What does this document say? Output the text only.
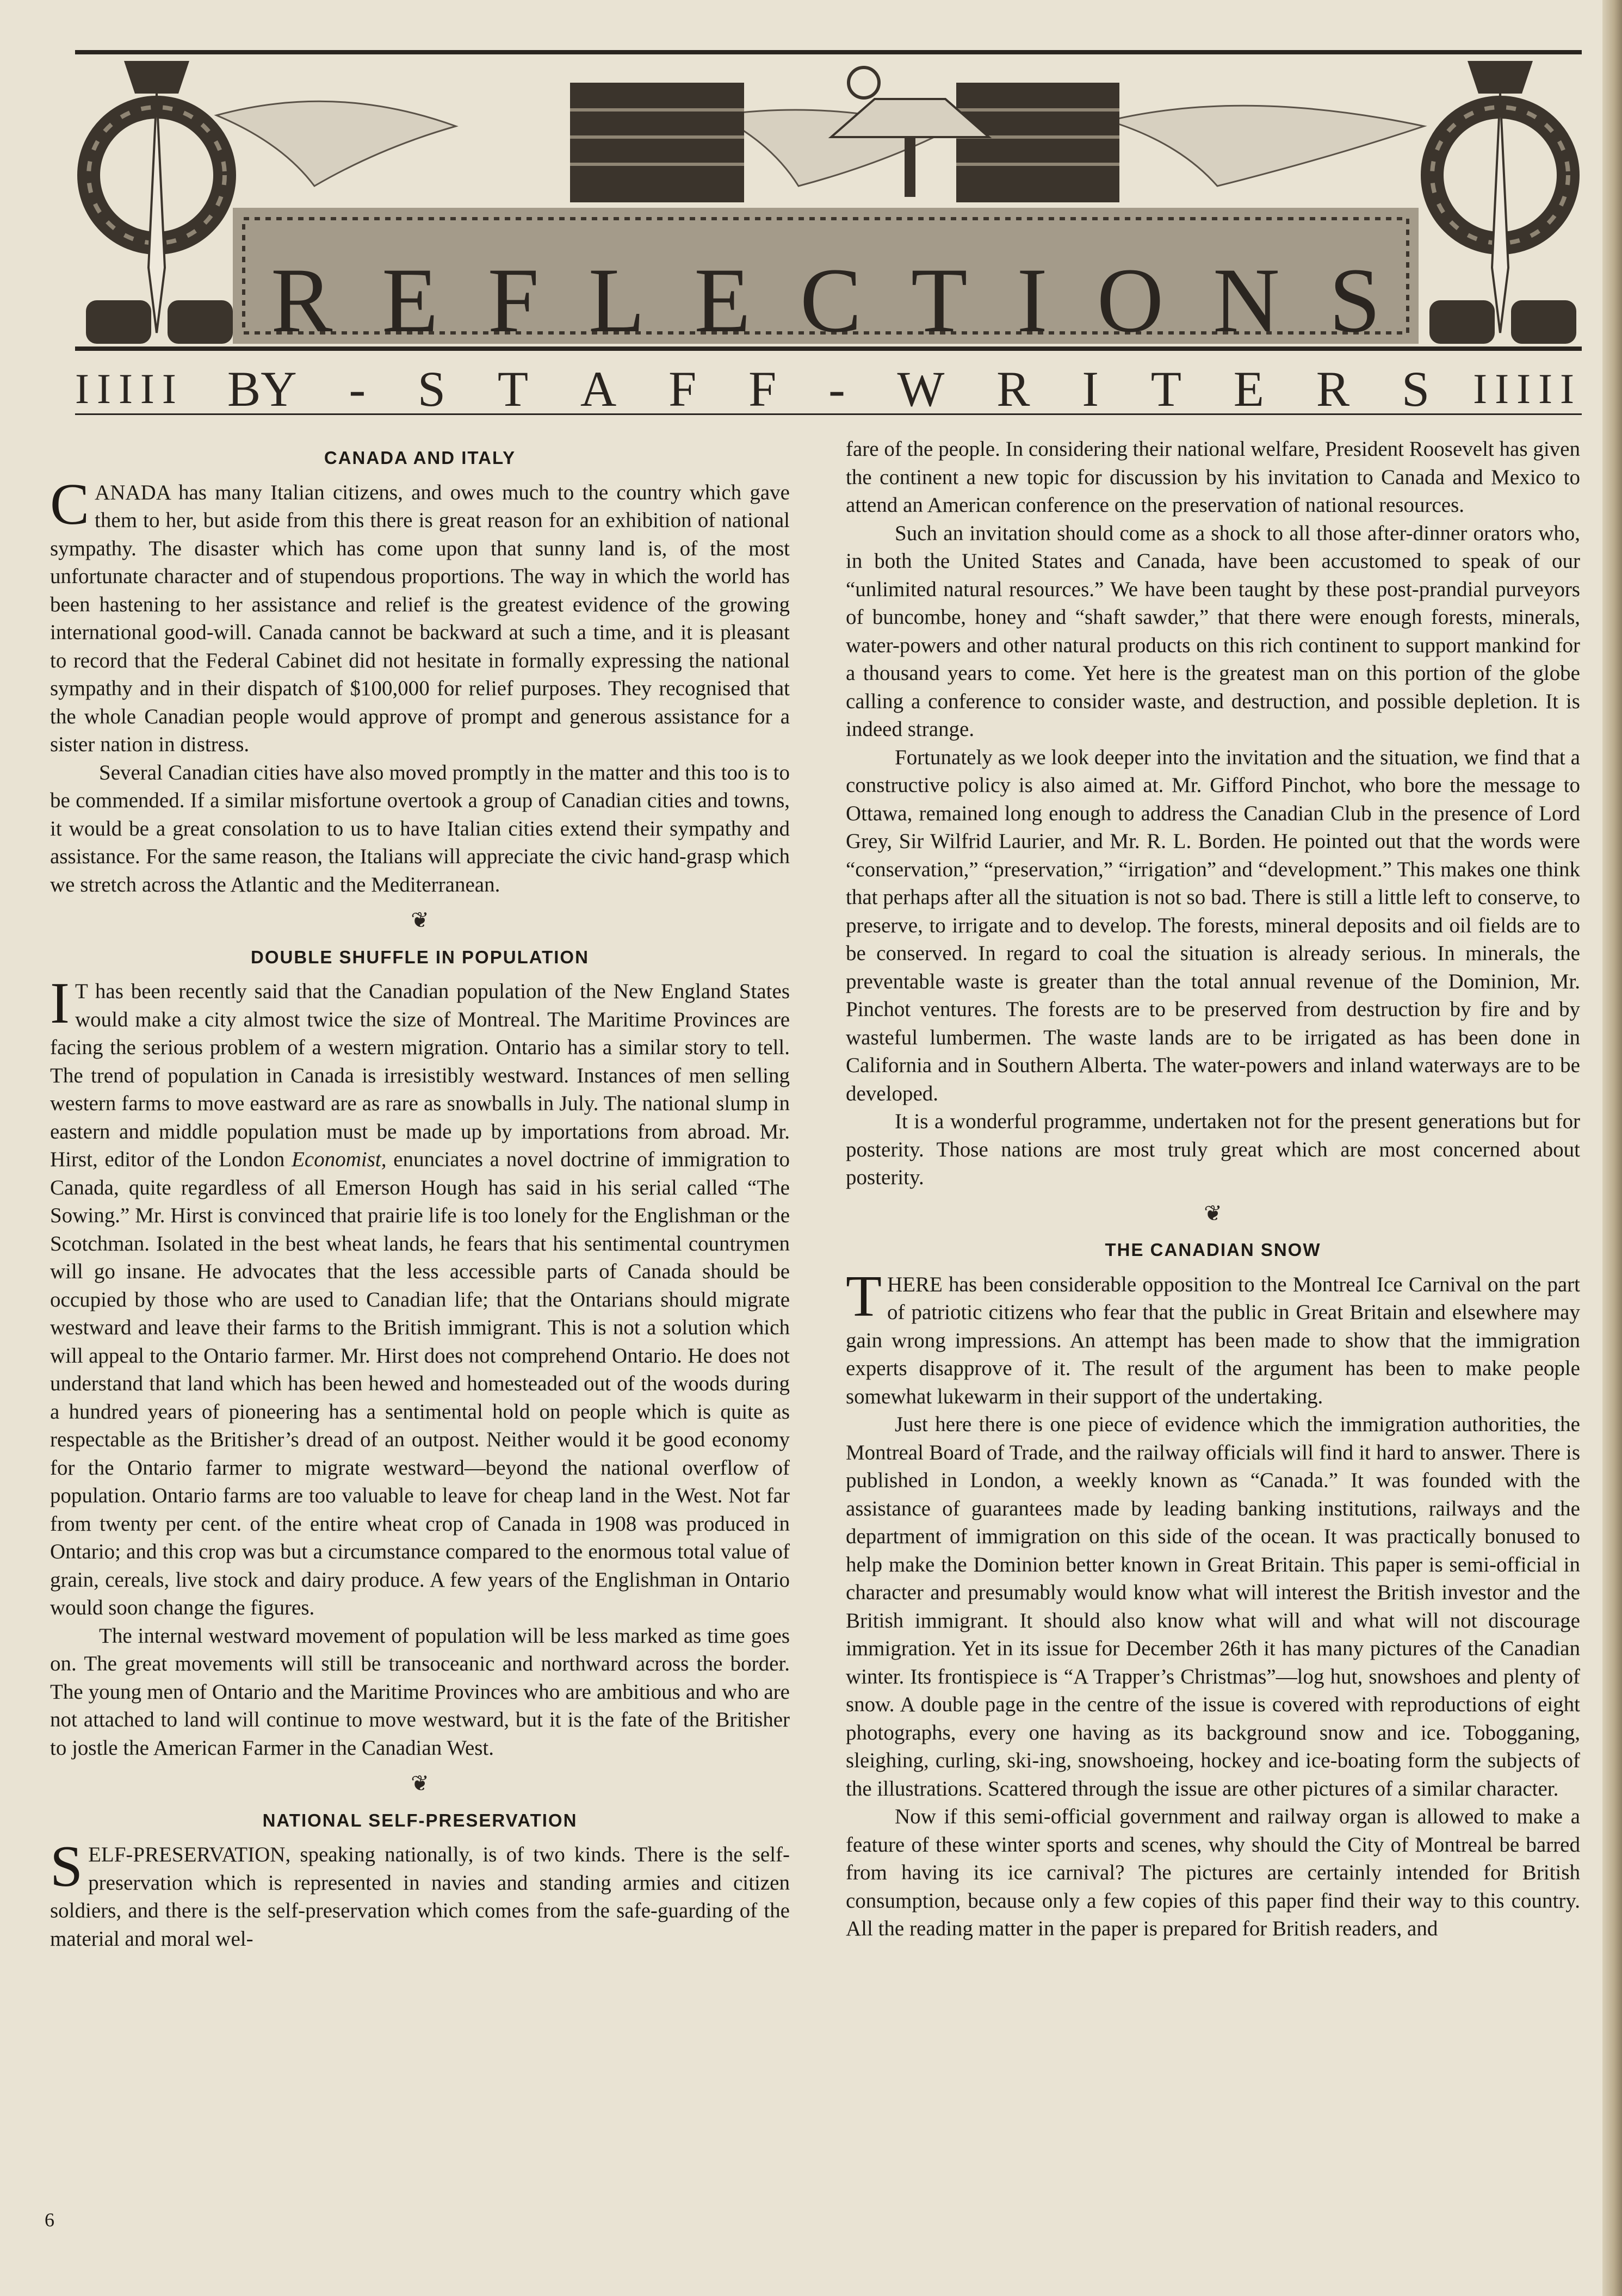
R E F L E C T I O N S
IIIII BY - S T A F F - W R I T E R S IIIII
CANADA AND ITALY

CANADA has many Italian citizens, and owes much to the country which gave them to her, but aside from this there is great reason for an exhibition of national sympathy. The disaster which has come upon that sunny land is, of the most unfortunate character and of stupendous proportions. The way in which the world has been hastening to her assistance and relief is the greatest evidence of the growing international good-will. Canada cannot be backward at such a time, and it is pleasant to record that the Federal Cabinet did not hesitate in formally expressing the national sympathy and in their dispatch of $100,000 for relief purposes. They recognised that the whole Canadian people would approve of prompt and generous assistance for a sister nation in distress.

Several Canadian cities have also moved promptly in the matter and this too is to be commended. If a similar misfortune overtook a group of Canadian cities and towns, it would be a great consolation to us to have Italian cities extend their sympathy and assistance. For the same reason, the Italians will appreciate the civic hand-grasp which we stretch across the Atlantic and the Mediterranean.

❦
DOUBLE SHUFFLE IN POPULATION

I T has been recently said that the Canadian population of the New England States would make a city almost twice the size of Montreal. The Maritime Provinces are facing the serious problem of a western migration. Ontario has a similar story to tell. The trend of population in Canada is irresistibly westward. Instances of men selling western farms to move eastward are as rare as snowballs in July. The national slump in eastern and middle population must be made up by importations from abroad. Mr. Hirst, editor of the London Economist, enunciates a novel doctrine of immigration to Canada, quite regardless of all Emerson Hough has said in his serial called “The Sowing.” Mr. Hirst is convinced that prairie life is too lonely for the Englishman or the Scotchman. Isolated in the best wheat lands, he fears that his sentimental countrymen will go insane. He advocates that the less accessible parts of Canada should be occupied by those who are used to Canadian life; that the Ontarians should migrate westward and leave their farms to the British immigrant. This is not a solution which will appeal to the Ontario farmer. Mr. Hirst does not comprehend Ontario. He does not understand that land which has been hewed and homesteaded out of the woods during a hundred years of pioneering has a sentimental hold on people which is quite as respectable as the Britisher’s dread of an outpost. Neither would it be good economy for the Ontario farmer to migrate westward—beyond the national overflow of population. Ontario farms are too valuable to leave for cheap land in the West. Not far from twenty per cent. of the entire wheat crop of Canada in 1908 was produced in Ontario; and this crop was but a circumstance compared to the enormous total value of grain, cereals, live stock and dairy produce. A few years of the Englishman in Ontario would soon change the figures.

The internal westward movement of population will be less marked as time goes on. The great movements will still be transoceanic and northward across the border. The young men of Ontario and the Maritime Provinces who are ambitious and who are not attached to land will continue to move westward, but it is the fate of the Britisher to jostle the American Farmer in the Canadian West.

❦
NATIONAL SELF-PRESERVATION

SELF-PRESERVATION, speaking nationally, is of two kinds. There is the self-preservation which is represented in navies and standing armies and citizen soldiers, and there is the self-preservation which comes from the safe-guarding of the material and moral wel-

fare of the people. In considering their national welfare, President Roosevelt has given the continent a new topic for discussion by his invitation to Canada and Mexico to attend an American conference on the preservation of national resources.

Such an invitation should come as a shock to all those after-dinner orators who, in both the United States and Canada, have been accustomed to speak of our “unlimited natural resources.” We have been taught by these post-prandial purveyors of buncombe, honey and “shaft sawder,” that there were enough forests, minerals, water-powers and other natural products on this rich continent to support mankind for a thousand years to come. Yet here is the greatest man on this portion of the globe calling a conference to consider waste, and destruction, and possible depletion. It is indeed strange.

Fortunately as we look deeper into the invitation and the situation, we find that a constructive policy is also aimed at. Mr. Gifford Pinchot, who bore the message to Ottawa, remained long enough to address the Canadian Club in the presence of Lord Grey, Sir Wilfrid Laurier, and Mr. R. L. Borden. He pointed out that the words were “conservation,” “preservation,” “irrigation” and “development.” This makes one think that perhaps after all the situation is not so bad. There is still a little left to conserve, to preserve, to irrigate and to develop. The forests, mineral deposits and oil fields are to be conserved. In regard to coal the situation is already serious. In minerals, the preventable waste is greater than the total annual revenue of the Dominion, Mr. Pinchot ventures. The forests are to be preserved from destruction by fire and by wasteful lumbermen. The waste lands are to be irrigated as has been done in California and in Southern Alberta. The water-powers and inland waterways are to be developed.

It is a wonderful programme, undertaken not for the present generations but for posterity. Those nations are most truly great which are most concerned about posterity.

❦
THE CANADIAN SNOW

THERE has been considerable opposition to the Montreal Ice Carnival on the part of patriotic citizens who fear that the public in Great Britain and elsewhere may gain wrong impressions. An attempt has been made to show that the immigration experts disapprove of it. The result of the argument has been to make people somewhat lukewarm in their support of the undertaking.

Just here there is one piece of evidence which the immigration authorities, the Montreal Board of Trade, and the railway officials will find it hard to answer. There is published in London, a weekly known as “Canada.” It was founded with the assistance of guarantees made by leading banking institutions, railways and the department of immigration on this side of the ocean. It was practically bonused to help make the Dominion better known in Great Britain. This paper is semi-official in character and presumably would know what will interest the British investor and the British immigrant. It should also know what will and what will not discourage immigration. Yet in its issue for December 26th it has many pictures of the Canadian winter. Its frontispiece is “A Trapper’s Christmas”—log hut, snowshoes and plenty of snow. A double page in the centre of the issue is covered with reproductions of eight photographs, every one having as its background snow and ice. Tobogganing, sleighing, curling, ski-ing, snowshoeing, hockey and ice-boating form the subjects of the illustrations. Scattered through the issue are other pictures of a similar character.

Now if this semi-official government and railway organ is allowed to make a feature of these winter sports and scenes, why should the City of Montreal be barred from having its ice carnival? The pictures are certainly intended for British consumption, because only a few copies of this paper find their way to this country. All the reading matter in the paper is prepared for British readers, and

6
